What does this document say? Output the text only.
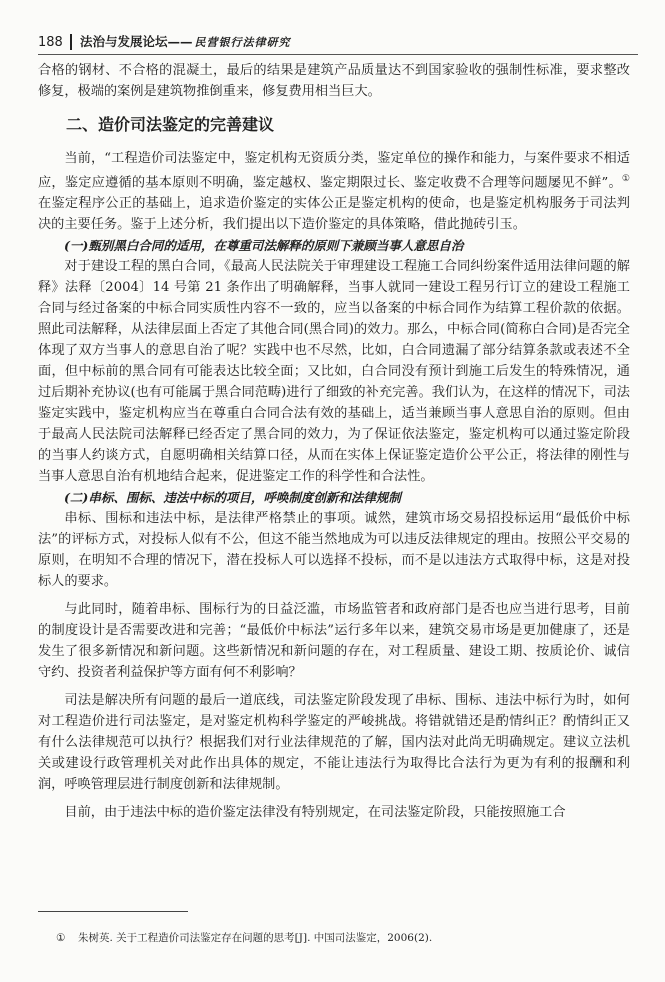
188	法治与发展论坛—— 民营银行法律研究

合格的钢材、不合格的混凝土，最后的结果是建筑产品质量达不到国家验收的强制性标准，要求整改修复，极端的案例是建筑物推倒重来，修复费用相当巨大。

二、造价司法鉴定的完善建议

当前，“工程造价司法鉴定中，鉴定机构无资质分类，鉴定单位的操作和能力，与案件要求不相适应，鉴定应遵循的基本原则不明确，鉴定越权、鉴定期限过长、鉴定收费不合理等问题屡见不鲜”。① 在鉴定程序公正的基础上，追求造价鉴定的实体公正是鉴定机构的使命，也是鉴定机构服务于司法判决的主要任务。鉴于上述分析，我们提出以下造价鉴定的具体策略，借此抛砖引玉。

(一)甄别黑白合同的适用，在尊重司法解释的原则下兼顾当事人意思自治

对于建设工程的黑白合同，《最高人民法院关于审理建设工程施工合同纠纷案件适用法律问题的解释》法释〔2004〕14 号第 21 条作出了明确解释，当事人就同一建设工程另行订立的建设工程施工合同与经过备案的中标合同实质性内容不一致的，应当以备案的中标合同作为结算工程价款的依据。照此司法解释，从法律层面上否定了其他合同(黑合同)的效力。那么，中标合同(简称白合同)是否完全体现了双方当事人的意思自治了呢？实践中也不尽然，比如，白合同遗漏了部分结算条款或表述不全面，但中标前的黑合同有可能表达比较全面；又比如，白合同没有预计到施工后发生的特殊情况，通过后期补充协议(也有可能属于黑合同范畴)进行了细致的补充完善。我们认为，在这样的情况下，司法鉴定实践中，鉴定机构应当在尊重白合同合法有效的基础上，适当兼顾当事人意思自治的原则。但由于最高人民法院司法解释已经否定了黑合同的效力，为了保证依法鉴定，鉴定机构可以通过鉴定阶段的当事人约谈方式，自愿明确相关结算口径，从而在实体上保证鉴定造价公平公正，将法律的刚性与当事人意思自治有机地结合起来，促进鉴定工作的科学性和合法性。

(二)串标、围标、违法中标的项目，呼唤制度创新和法律规制

串标、围标和违法中标，是法律严格禁止的事项。诚然，建筑市场交易招投标运用“最低价中标法”的评标方式，对投标人似有不公，但这不能当然地成为可以违反法律规定的理由。按照公平交易的原则，在明知不合理的情况下，潜在投标人可以选择不投标，而不是以违法方式取得中标，这是对投标人的要求。

与此同时，随着串标、围标行为的日益泛滥，市场监管者和政府部门是否也应当进行思考，目前的制度设计是否需要改进和完善；“最低价中标法”运行多年以来，建筑交易市场是更加健康了，还是发生了很多新情况和新问题。这些新情况和新问题的存在，对工程质量、建设工期、按质论价、诚信守约、投资者利益保护等方面有何不利影响？

司法是解决所有问题的最后一道底线，司法鉴定阶段发现了串标、围标、违法中标行为时，如何对工程造价进行司法鉴定，是对鉴定机构科学鉴定的严峻挑战。将错就错还是酌情纠正？酌情纠正又有什么法律规范可以执行？根据我们对行业法律规范的了解，国内法对此尚无明确规定。建议立法机关或建设行政管理机关对此作出具体的规定，不能让违法行为取得比合法行为更为有利的报酬和利润，呼唤管理层进行制度创新和法律规制。

目前，由于违法中标的造价鉴定法律没有特别规定，在司法鉴定阶段，只能按照施工合

① 朱树英. 关于工程造价司法鉴定存在问题的思考[J]. 中国司法鉴定，2006(2).
